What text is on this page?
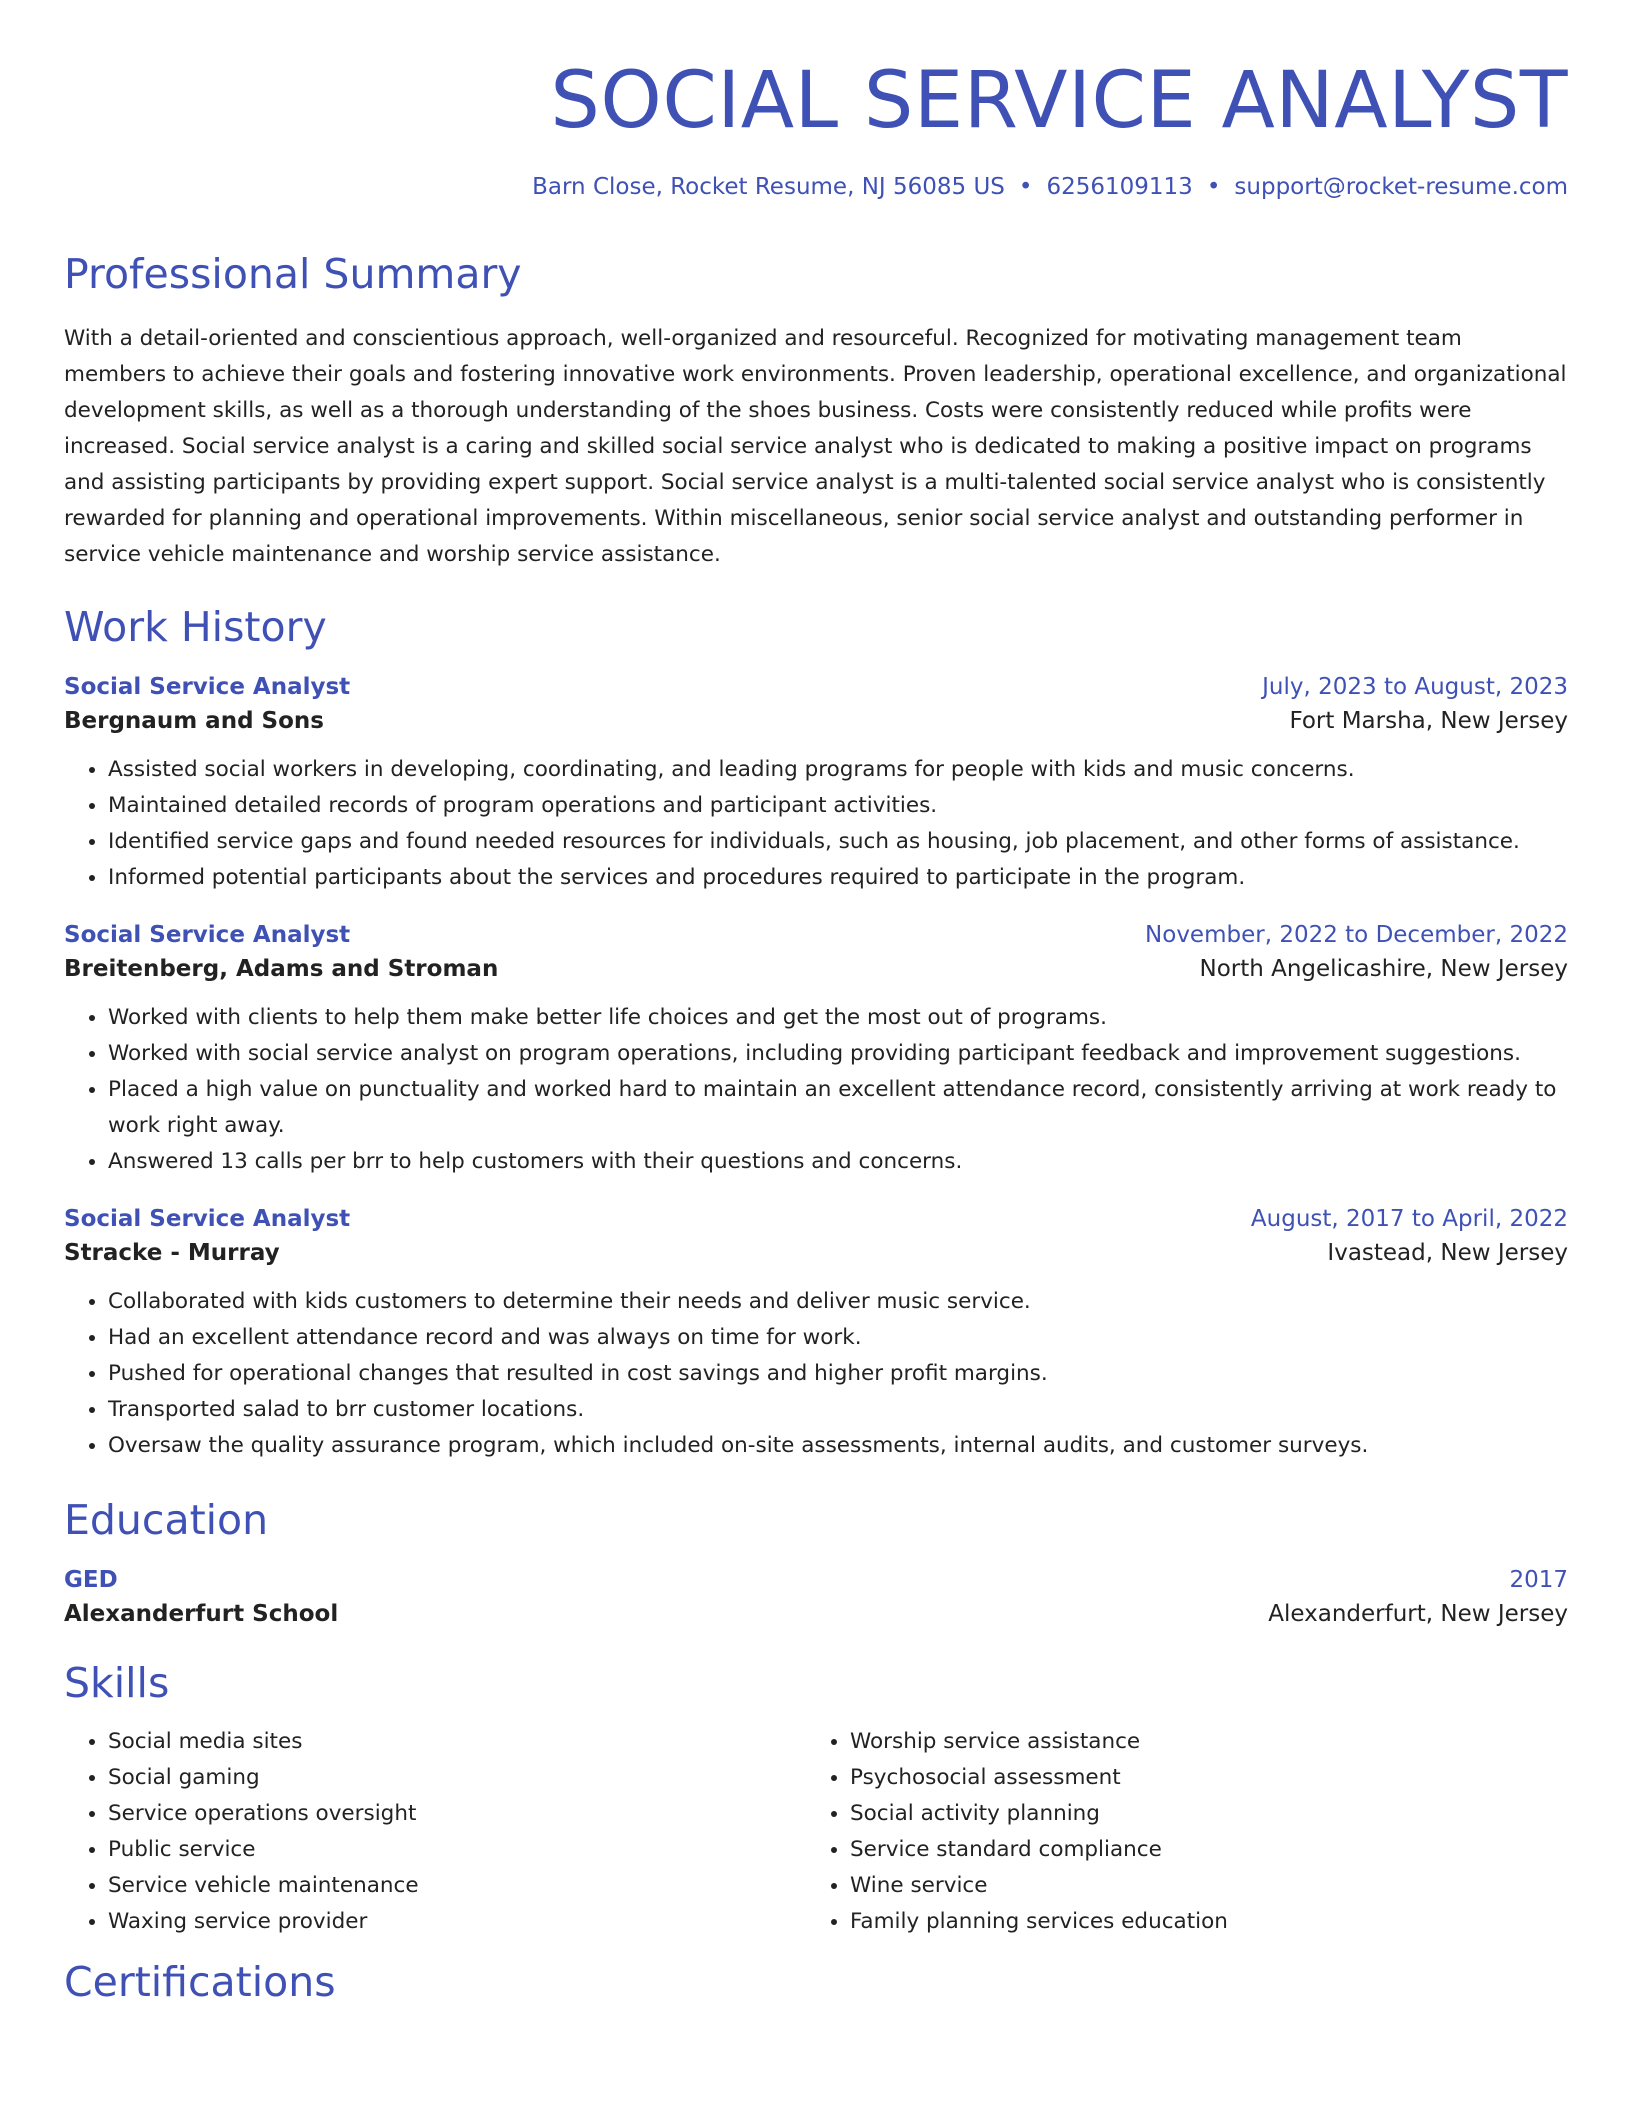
SOCIAL SERVICE ANALYST
Barn Close, Rocket Resume, NJ 56085 US • 6256109113 • support@rocket-resume.com
Professional Summary
With a detail-oriented and conscientious approach, well-organized and resourceful. Recognized for motivating management team members to achieve their goals and fostering innovative work environments. Proven leadership, operational excellence, and organizational development skills, as well as a thorough understanding of the shoes business. Costs were consistently reduced while profits were increased. Social service analyst is a caring and skilled social service analyst who is dedicated to making a positive impact on programs and assisting participants by providing expert support. Social service analyst is a multi-talented social service analyst who is consistently rewarded for planning and operational improvements. Within miscellaneous, senior social service analyst and outstanding performer in service vehicle maintenance and worship service assistance.
Work History
Social Service Analyst	July, 2023 to August, 2023
Bergnaum and Sons	Fort Marsha, New Jersey
• Assisted social workers in developing, coordinating, and leading programs for people with kids and music concerns.
• Maintained detailed records of program operations and participant activities.
• Identified service gaps and found needed resources for individuals, such as housing, job placement, and other forms of assistance.
• Informed potential participants about the services and procedures required to participate in the program.
Social Service Analyst	November, 2022 to December, 2022
Breitenberg, Adams and Stroman	North Angelicashire, New Jersey
• Worked with clients to help them make better life choices and get the most out of programs.
• Worked with social service analyst on program operations, including providing participant feedback and improvement suggestions.
• Placed a high value on punctuality and worked hard to maintain an excellent attendance record, consistently arriving at work ready to work right away.
• Answered 13 calls per brr to help customers with their questions and concerns.
Social Service Analyst	August, 2017 to April, 2022
Stracke - Murray	Ivastead, New Jersey
• Collaborated with kids customers to determine their needs and deliver music service.
• Had an excellent attendance record and was always on time for work.
• Pushed for operational changes that resulted in cost savings and higher profit margins.
• Transported salad to brr customer locations.
• Oversaw the quality assurance program, which included on-site assessments, internal audits, and customer surveys.
Education
GED	2017
Alexanderfurt School	Alexanderfurt, New Jersey
Skills
• Social media sites
• Social gaming
• Service operations oversight
• Public service
• Service vehicle maintenance
• Waxing service provider
• Worship service assistance
• Psychosocial assessment
• Social activity planning
• Service standard compliance
• Wine service
• Family planning services education
Certifications
